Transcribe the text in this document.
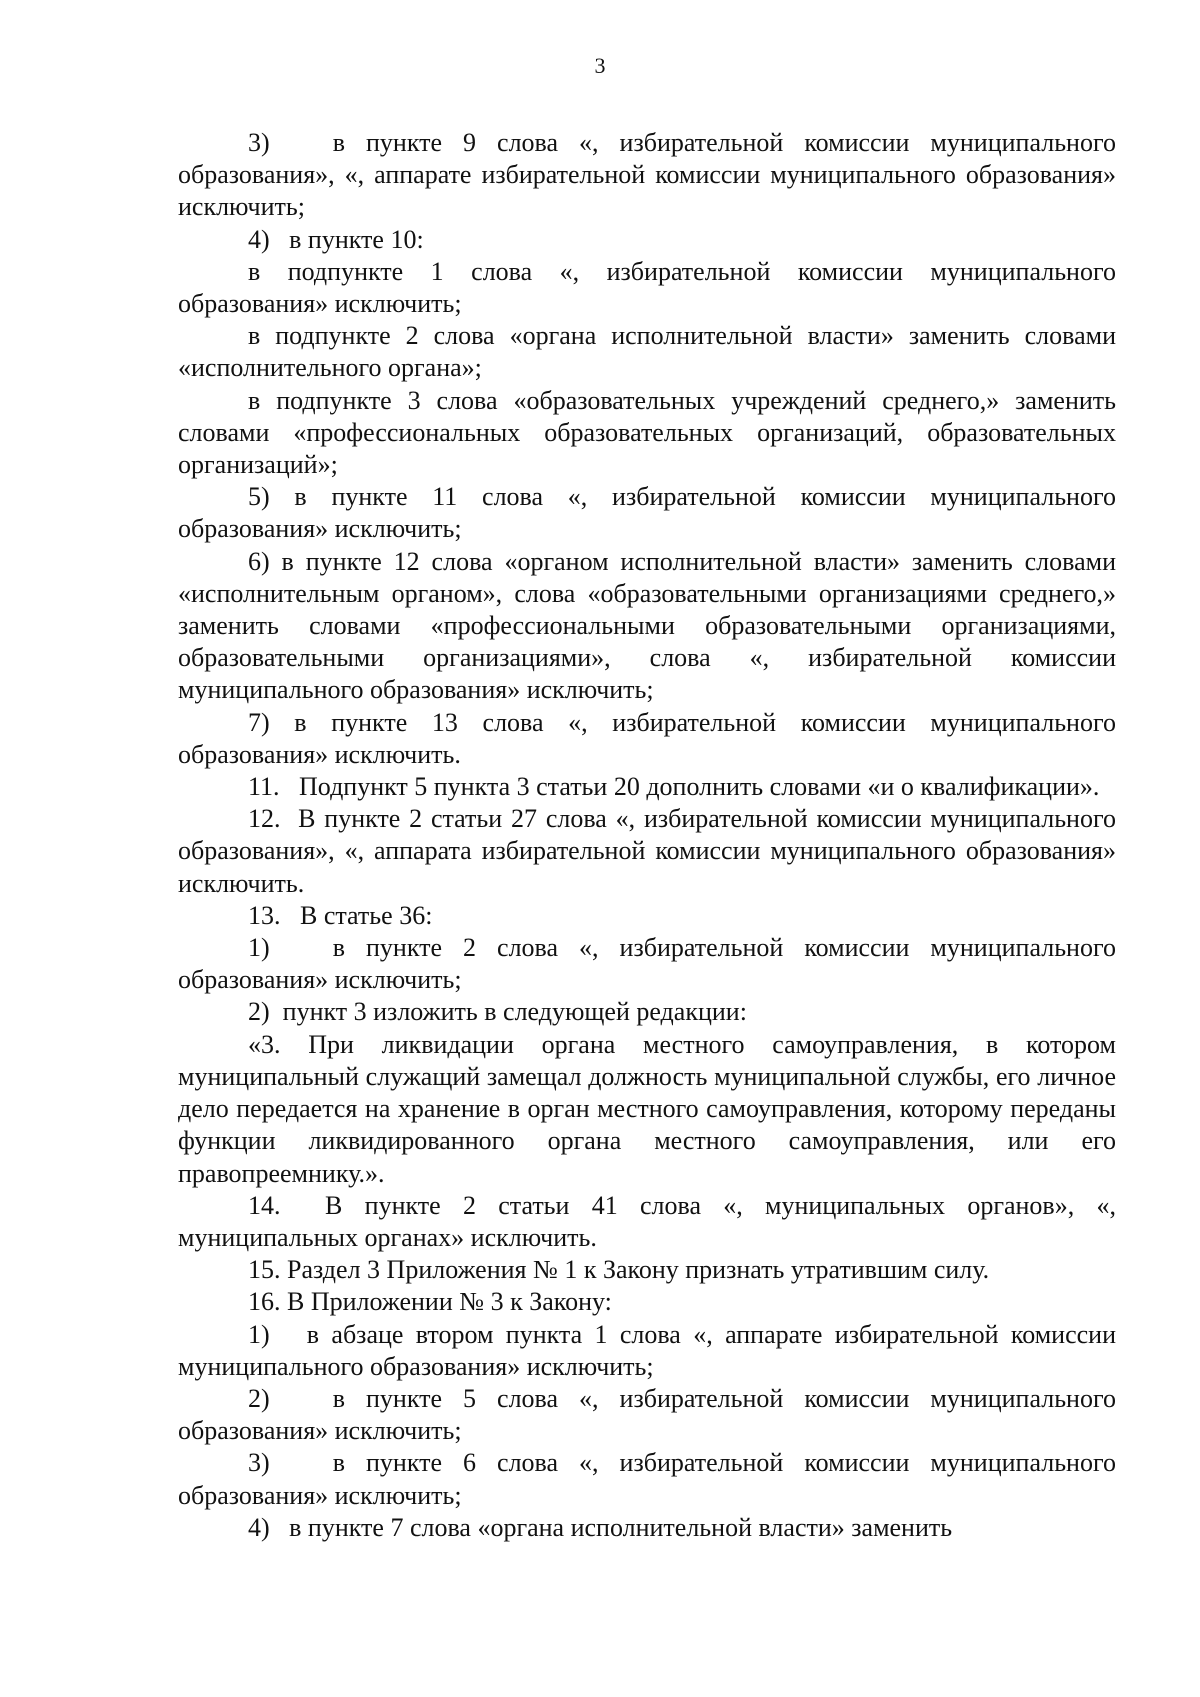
3

3)   в пункте 9 слова «, избирательной комиссии муниципального образования», «, аппарате избирательной комиссии муниципального образования» исключить;

4)   в пункте 10:

в подпункте 1 слова «, избирательной комиссии муниципального образования» исключить;

в подпункте 2 слова «органа исполнительной власти» заменить словами «исполнительного органа»;

в подпункте 3 слова «образовательных учреждений среднего,» заменить словами «профессиональных образовательных организаций, образовательных организаций»;

5) в пункте 11 слова «, избирательной комиссии муниципального образования» исключить;

6) в пункте 12 слова «органом исполнительной власти» заменить словами «исполнительным органом», слова «образовательными организациями среднего,» заменить словами «профессиональными образовательными организациями, образовательными организациями», слова «, избирательной комиссии муниципального образования» исключить;

7) в пункте 13 слова «, избирательной комиссии муниципального образования» исключить.

11.   Подпункт 5 пункта 3 статьи 20 дополнить словами «и о квалификации».

12.  В пункте 2 статьи 27 слова «, избирательной комиссии муниципального образования», «, аппарата избирательной комиссии муниципального образования» исключить.

13.   В статье 36:

1)   в пункте 2 слова «, избирательной комиссии муниципального образования» исключить;

2)  пункт 3 изложить в следующей редакции:

«3. При ликвидации органа местного самоуправления, в котором муниципальный служащий замещал должность муниципальной службы, его личное дело передается на хранение в орган местного самоуправления, которому переданы функции ликвидированного органа местного самоуправления, или его правопреемнику.».

14.  В пункте 2 статьи 41 слова «, муниципальных органов», «, муниципальных органах» исключить.

15. Раздел 3 Приложения № 1 к Закону признать утратившим силу.

16. В Приложении № 3 к Закону:

1)   в абзаце втором пункта 1 слова «, аппарате избирательной комиссии муниципального образования» исключить;

2)   в пункте 5 слова «, избирательной комиссии муниципального образования» исключить;

3)   в пункте 6 слова «, избирательной комиссии муниципального образования» исключить;

4)   в пункте 7 слова «органа исполнительной власти» заменить
